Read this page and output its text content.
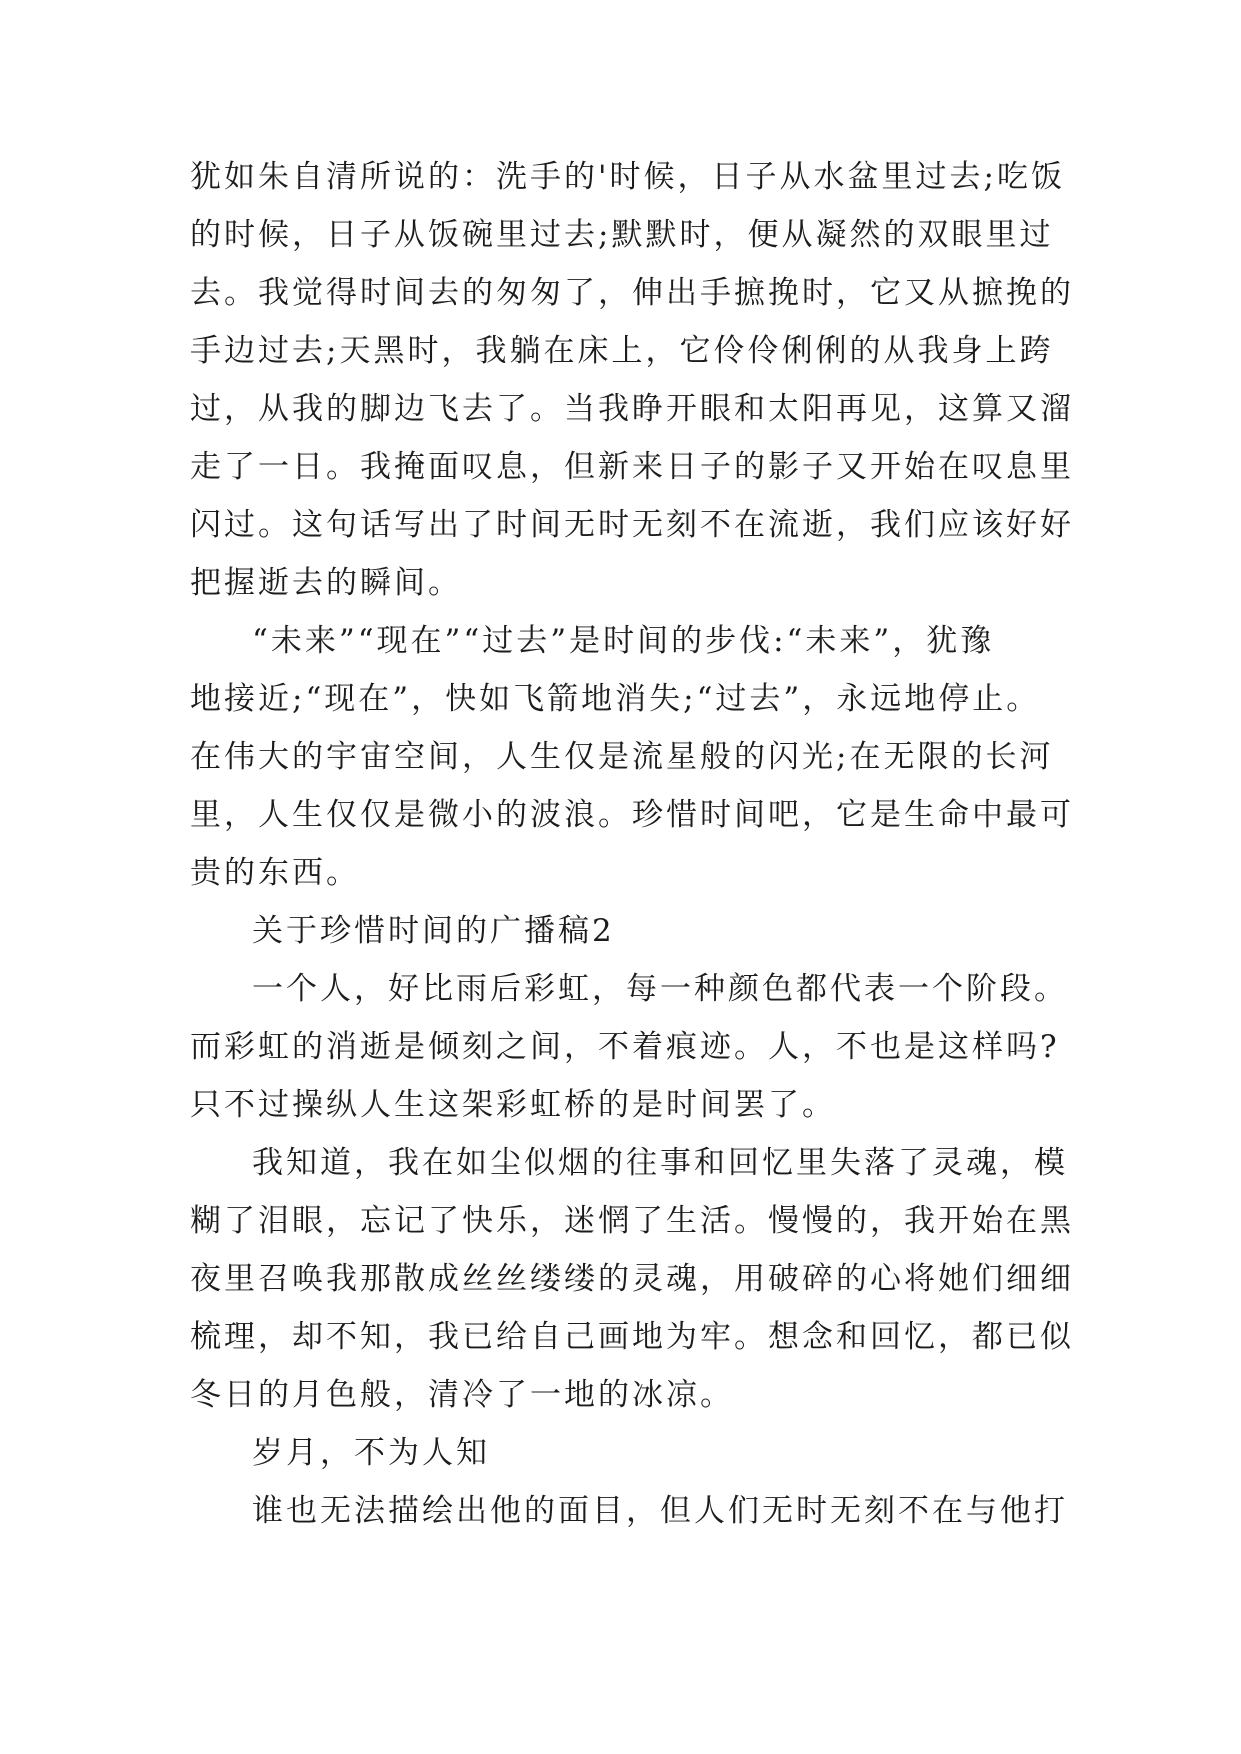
犹如朱自清所说的：洗手的'时候，日子从水盆里过去;吃饭
的时候，日子从饭碗里过去;默默时，便从凝然的双眼里过
去。我觉得时间去的匆匆了，伸出手摭挽时，它又从摭挽的
手边过去;天黑时，我躺在床上，它伶伶俐俐的从我身上跨
过，从我的脚边飞去了。当我睁开眼和太阳再见，这算又溜
走了一日。我掩面叹息，但新来日子的影子又开始在叹息里
闪过。这句话写出了时间无时无刻不在流逝，我们应该好好
把握逝去的瞬间。
“未来”“现在”“过去”是时间的步伐:“未来”，犹豫
地接近;“现在”，快如飞箭地消失;“过去”，永远地停止。
在伟大的宇宙空间，人生仅是流星般的闪光;在无限的长河
里，人生仅仅是微小的波浪。珍惜时间吧，它是生命中最可
贵的东西。
关于珍惜时间的广播稿2
一个人，好比雨后彩虹，每一种颜色都代表一个阶段。
而彩虹的消逝是倾刻之间，不着痕迹。人，不也是这样吗?
只不过操纵人生这架彩虹桥的是时间罢了。
我知道，我在如尘似烟的往事和回忆里失落了灵魂，模
糊了泪眼，忘记了快乐，迷惘了生活。慢慢的，我开始在黑
夜里召唤我那散成丝丝缕缕的灵魂，用破碎的心将她们细细
梳理，却不知，我已给自己画地为牢。想念和回忆，都已似
冬日的月色般，清冷了一地的冰凉。
岁月，不为人知
谁也无法描绘出他的面目，但人们无时无刻不在与他打
